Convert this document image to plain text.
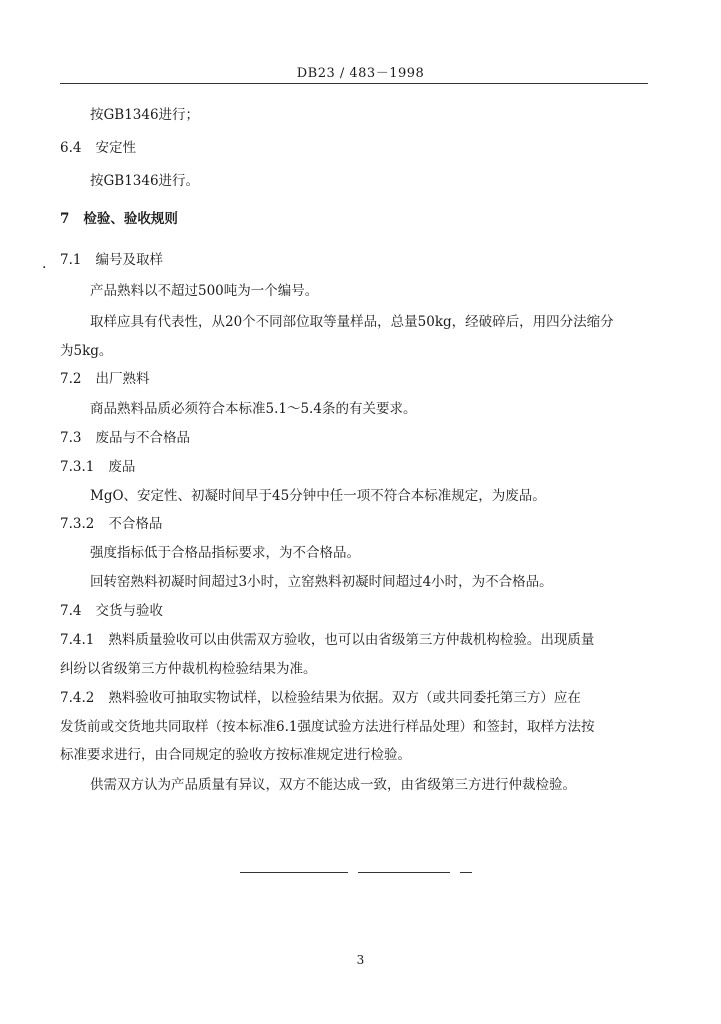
DB23 / 483－1998
按GB1346进行；
6.4 安定性
按GB1346进行。
7 检验、验收规则
. 7.1 编号及取样
产品熟料以不超过500吨为一个编号。
取样应具有代表性，从20个不同部位取等量样品，总量50kg，经破碎后，用四分法缩分
为5kg。
7.2 出厂熟料
商品熟料品质必须符合本标准5.1～5.4条的有关要求。
7.3 废品与不合格品
7.3.1 废品
MgO、安定性、初凝时间早于45分钟中任一项不符合本标准规定，为废品。
7.3.2 不合格品
强度指标低于合格品指标要求，为不合格品。
回转窑熟料初凝时间超过3小时，立窑熟料初凝时间超过4小时，为不合格品。
7.4 交货与验收
7.4.1 熟料质量验收可以由供需双方验收，也可以由省级第三方仲裁机构检验。出现质量
纠纷以省级第三方仲裁机构检验结果为准。
7.4.2 熟料验收可抽取实物试样，以检验结果为依据。双方（或共同委托第三方）应在
发货前或交货地共同取样（按本标准6.1强度试验方法进行样品处理）和签封，取样方法按
标准要求进行，由合同规定的验收方按标准规定进行检验。
供需双方认为产品质量有异议，双方不能达成一致，由省级第三方进行仲裁检验。
3
